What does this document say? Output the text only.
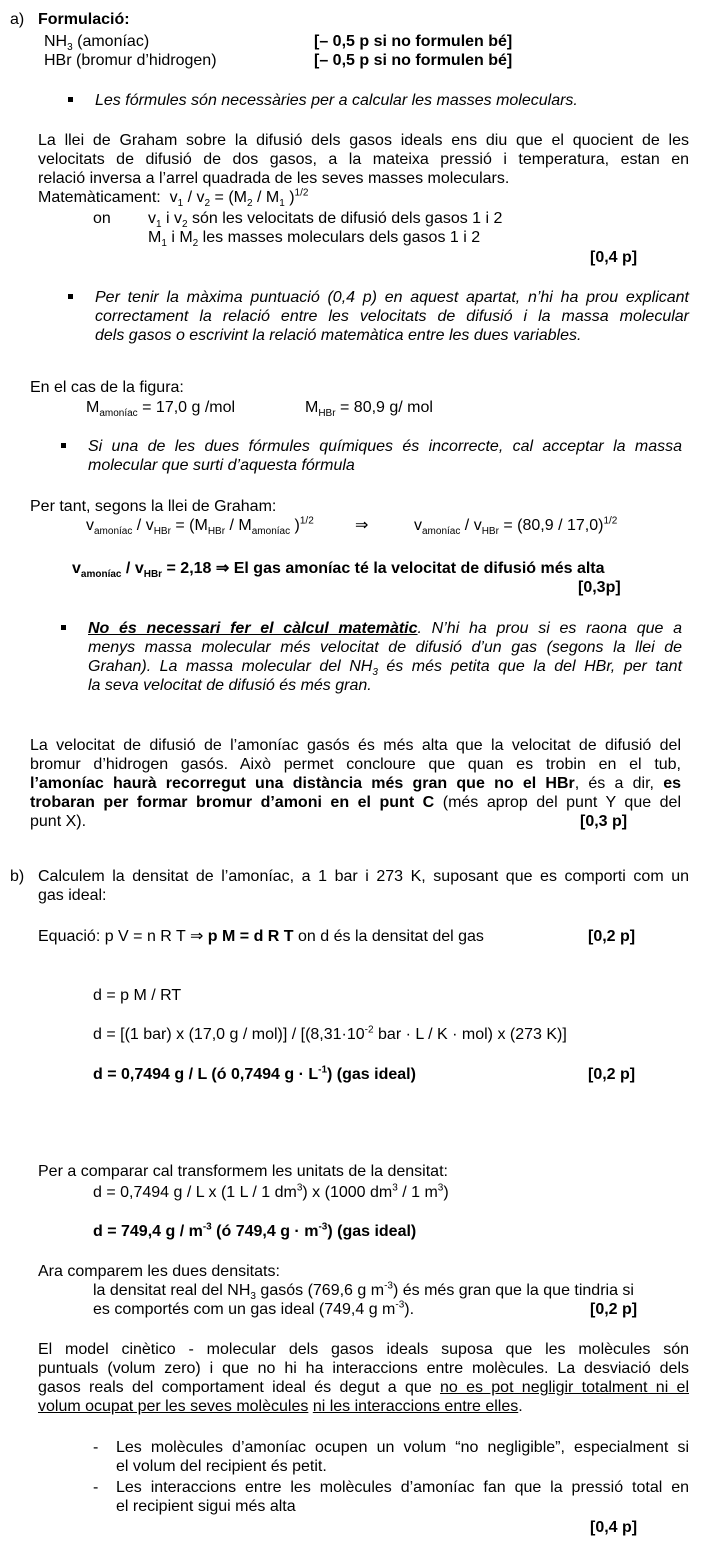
a) Formulació:
$NH_3$ (amoníac)	[– 0,5 p si no formulen bé]
HBr (bromur d’hidrogen)	[– 0,5 p si no formulen bé]
Les fórmules són necessàries per a calcular les masses moleculars.
La llei de Graham sobre la difusió dels gasos ideals ens diu que el quocient de les
velocitats de difusió de dos gasos, a la mateixa pressió i temperatura, estan en
relació inversa a l’arrel quadrada de les seves masses moleculars.
Matemàticament: $v_1 / v_2 = (M_2 / M_1$ )$^{1/2}$
on $v_1$ i $v_2$ són les velocitats de difusió dels gasos 1 i 2
$M_1$ i $M_2$ les masses moleculars dels gasos 1 i 2
[0,4 p]
Per tenir la màxima puntuació (0,4 p) en aquest apartat, n’hi ha prou explicant
correctament la relació entre les velocitats de difusió i la massa molecular
dels gasos o escrivint la relació matemàtica entre les dues variables.
En el cas de la figura:
$M_{amoníac} = 17,0$ g /mol	$M_{HBr} = 80,9$ g/ mol
Si una de les dues fórmules químiques és incorrecte, cal acceptar la massa
molecular que surti d’aquesta fórmula
Per tant, segons la llei de Graham:
$v_{amoníac} / v_{HBr} = (M_{HBr} / M_{amoníac}$ )$^{1/2}$	⇒	$v_{amoníac} / v_{HBr} = (80,9 / 17,0)^{1/2}$
$v_{amoníac} / v_{HBr} = 2,18$ ⇒ El gas amoníac té la velocitat de difusió més alta
[0,3p]
No és necessari fer el càlcul matemàtic. N’hi ha prou si es raona que a
menys massa molecular més velocitat de difusió d’un gas (segons la llei de
Grahan). La massa molecular del $NH_3$ és més petita que la del HBr, per tant
la seva velocitat de difusió és més gran.
La velocitat de difusió de l’amoníac gasós és més alta que la velocitat de difusió del
bromur d’hidrogen gasós. Això permet concloure que quan es trobin en el tub,
l’amoníac haurà recorregut una distància més gran que no el HBr, és a dir, es
trobaran per formar bromur d’amoni en el punt C (més aprop del punt Y que del
punt X).	[0,3 p]
b) Calculem la densitat de l’amoníac, a 1 bar i 273 K, suposant que es comporti com un
gas ideal:
Equació: p V = n R T ⇒ p M = d R T on d és la densitat del gas	[0,2 p]
d = p M / RT
d = [(1 bar) x (17,0 $g / mol)] / [(8,31\cdot 10^{-2}$ bar · L / K · mol) x (273 K)]
d = 0,7494 g / L (ó 0,7494 $g \cdot L^{-1}$) (gas ideal)	[0,2 p]
Per a comparar cal transformem les unitats de la densitat:
d = 0,7494 g / L x (1 L / 1 $dm^3$) x (1000 $dm^3 / 1$ $m^3$)
d = 749,4 g / $m^{-3}$ (ó 749,4 $g \cdot m^{-3}$) (gas ideal)
Ara comparem les dues densitats:
la densitat real del $NH_3$ gasós (769,6 g $m^{-3}$) és més gran que la que tindria si
es comportés com un gas ideal (749,4 g $m^{-3}$).	[0,2 p]
El model cinètico - molecular dels gasos ideals suposa que les molècules són
puntuals (volum zero) i que no hi ha interaccions entre molècules. La desviació dels
gasos reals del comportament ideal és degut a que no es pot negligir totalment ni el
volum ocupat per les seves molècules ni les interaccions entre elles.
- Les molècules d’amoníac ocupen un volum “no negligible”, especialment si
el volum del recipient és petit.
- Les interaccions entre les molècules d’amoníac fan que la pressió total en
el recipient sigui més alta
[0,4 p]
